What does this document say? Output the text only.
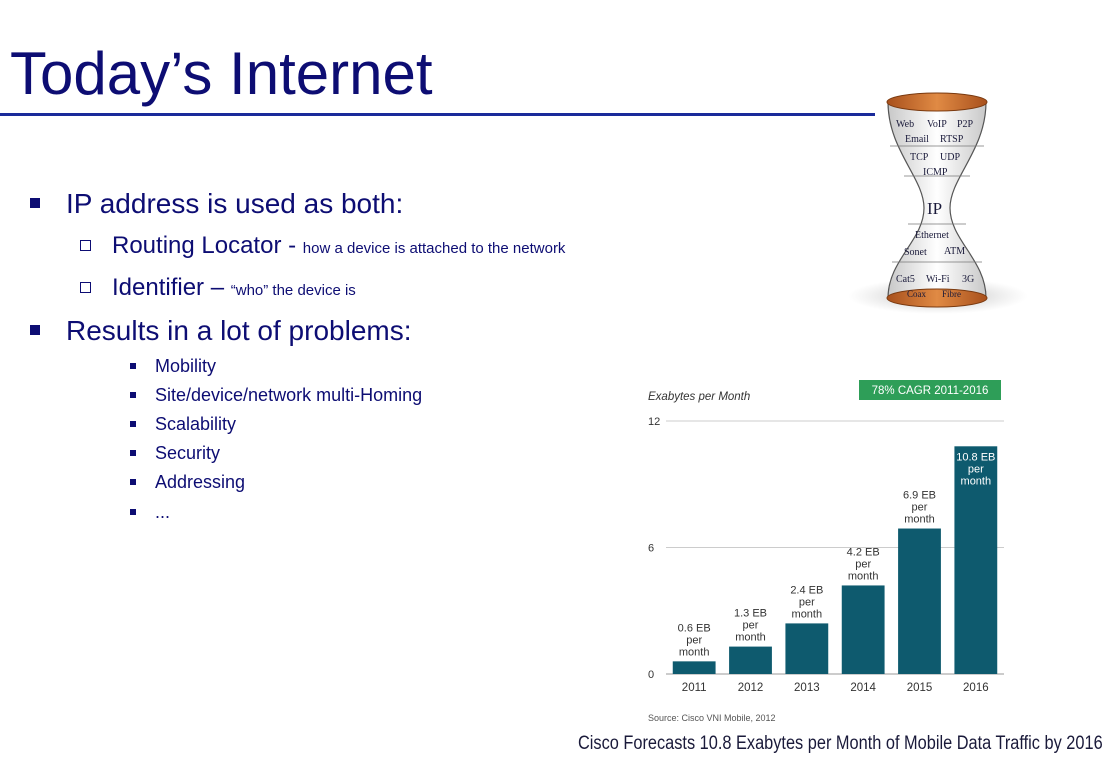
Today’s Internet
IP address is used as both:
Routing Locator - how a device is attached to the network
Identifier – “who” the device is
Results in a lot of problems:
Mobility
Site/device/network multi-Homing
Scalability
Security
Addressing
...
Web VoIP P2P
Email RTSP
TCP UDP
ICMP
IP
Ethernet
Sonet ATM
Cat5 Wi-Fi 3G
Coax Fibre
Exabytes per Month	78% CAGR 2011-2016
0
6
12
2011
0.6 EB
per
month
2012
1.3 EB
per
month
2013
2.4 EB
per
month
2014
4.2 EB
per
month
2015
6.9 EB
per
month
2016
10.8 EB
per
month
Source: Cisco VNI Mobile, 2012
Cisco Forecasts 10.8 Exabytes per Month of Mobile Data Traffic by 2016
